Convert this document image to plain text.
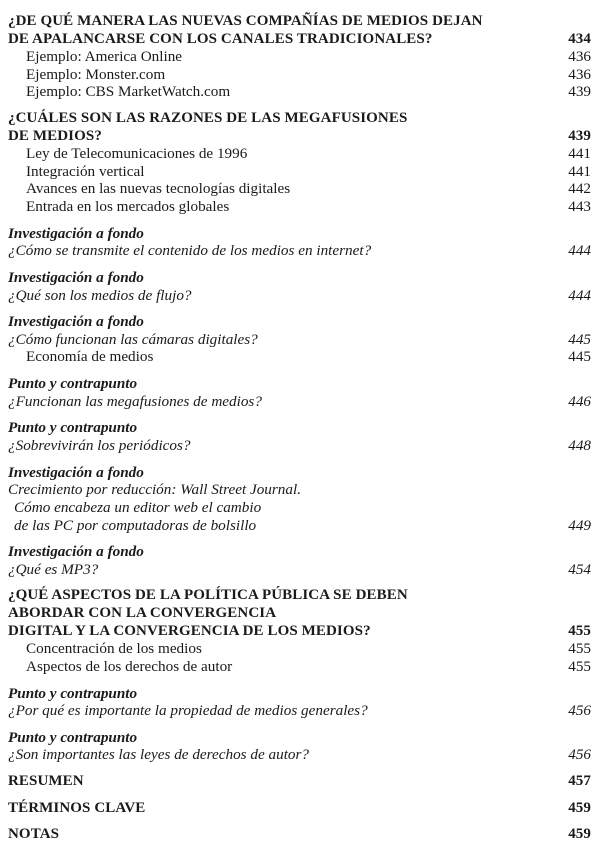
¿DE QUÉ MANERA LAS NUEVAS COMPAÑÍAS DE MEDIOS DEJAN
DE APALANCARSE CON LOS CANALES TRADICIONALES?	434
Ejemplo: America Online	436
Ejemplo: Monster.com	436
Ejemplo: CBS MarketWatch.com	439
¿CUÁLES SON LAS RAZONES DE LAS MEGAFUSIONES
DE MEDIOS?	439
Ley de Telecomunicaciones de 1996	441
Integración vertical	441
Avances en las nuevas tecnologías digitales	442
Entrada en los mercados globales	443
Investigación a fondo
¿Cómo se transmite el contenido de los medios en internet?	444
Investigación a fondo
¿Qué son los medios de flujo?	444
Investigación a fondo
¿Cómo funcionan las cámaras digitales?	445
Economía de medios	445
Punto y contrapunto
¿Funcionan las megafusiones de medios?	446
Punto y contrapunto
¿Sobrevivirán los periódicos?	448
Investigación a fondo
Crecimiento por reducción: Wall Street Journal.
Cómo encabeza un editor web el cambio
de las PC por computadoras de bolsillo	449
Investigación a fondo
¿Qué es MP3?	454
¿QUÉ ASPECTOS DE LA POLÍTICA PÚBLICA SE DEBEN
ABORDAR CON LA CONVERGENCIA
DIGITAL Y LA CONVERGENCIA DE LOS MEDIOS?	455
Concentración de los medios	455
Aspectos de los derechos de autor	455
Punto y contrapunto
¿Por qué es importante la propiedad de medios generales?	456
Punto y contrapunto
¿Son importantes las leyes de derechos de autor?	456
RESUMEN	457
TÉRMINOS CLAVE	459
NOTAS	459
